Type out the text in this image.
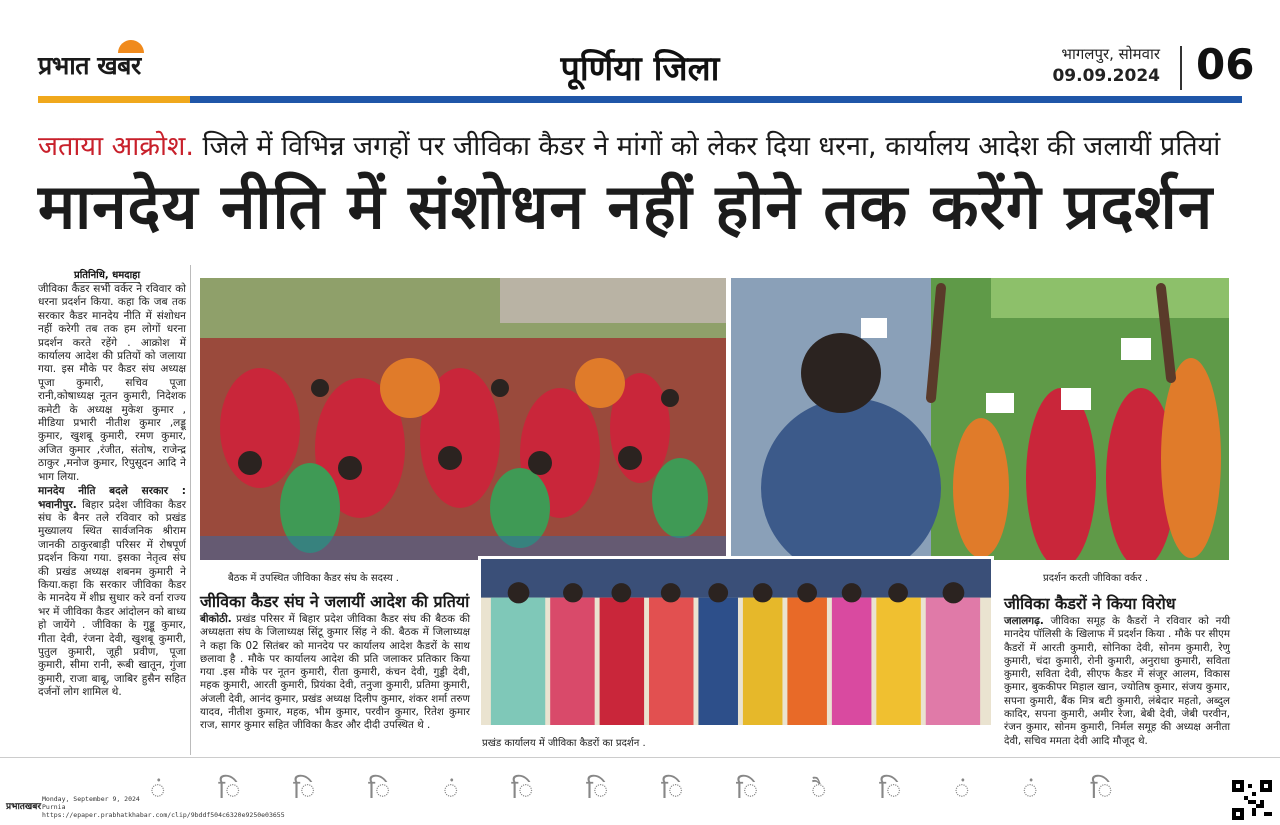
प्रभात खबर	पूर्णिया जिला	भागलपुर, सोमवार
09.09.2024 06
जताया आक्रोश. जिले में विभिन्न जगहों पर जीविका कैडर ने मांगों को लेकर दिया धरना, कार्यालय आदेश की जलायीं प्रतियां
मानदेय नीति में संशोधन नहीं होने तक करेंगे प्रदर्शन
प्रतिनिधि, धमदाहा

जीविका कैडर सभी वर्कर ने रविवार को धरना प्रदर्शन किया. कहा कि जब तक सरकार कैडर मानदेय नीति में संशोधन नहीं करेगी तब तक हम लोगों धरना प्रदर्शन करते रहेंगे . आक्रोश में कार्यालय आदेश की प्रतियों को जलाया गया. इस मौके पर कैडर संघ अध्यक्ष पूजा कुमारी, सचिव पूजा रानी,कोषाध्यक्ष नूतन कुमारी, निदेशक कमेटी के अध्यक्ष मुकेश कुमार , मीडिया प्रभारी नीतीश कुमार ,लड्डू कुमार, खुशबू कुमारी, रमण कुमार, अजित कुमार ,रंजीत, संतोष, राजेन्द्र ठाकुर ,मनोज कुमार, रिपुसूदन आदि ने भाग लिया.

मानदेय नीति बदले सरकार : भवानीपुर. बिहार प्रदेश जीविका कैडर संघ के बैनर तले रविवार को प्रखंड मुख्यालय स्थित सार्वजनिक श्रीराम जानकी ठाकुरबाड़ी परिसर में रोषपूर्ण प्रदर्शन किया गया. इसका नेतृत्व संघ की प्रखंड अध्यक्ष शबनम कुमारी ने किया.कहा कि सरकार जीविका कैडर के मानदेय में शीघ्र सुधार करे वर्ना राज्य भर में जीविका कैडर आंदोलन को बाध्य हो जायेंगे . जीविका के गुड्डू कुमार, गीता देवी, रंजना देवी, खुशबू कुमारी, पुतुल कुमारी, जूही प्रवीण, पूजा कुमारी, सीमा रानी, रूबी खातून, गुंजा कुमारी, राजा बाबू, जाबिर हुसैन सहित दर्जनों लोग शामिल थे.

बैठक में उपस्थित जीविका कैडर संघ के सदस्य .	प्रदर्शन करती जीविका वर्कर .
जीविका कैडर संघ ने जलायीं आदेश की प्रतियां
बीकोठी. प्रखंड परिसर में बिहार प्रदेश जीविका कैडर संघ की बैठक की अध्यक्षता संघ के जिलाध्यक्ष सिंटू कुमार सिंह ने की. बैठक में जिलाध्यक्ष ने कहा कि 02 सितंबर को मानदेय पर कार्यालय आदेश कैडरों के साथ छलावा है . मौके पर कार्यालय आदेश की प्रति जलाकर प्रतिकार किया गया .इस मौके पर नूतन कुमारी, रीता कुमारी, कंचन देवी, गुड्डी देवी, महक कुमारी, आरती कुमारी, प्रियंका देवी, तनुजा कुमारी, प्रतिमा कुमारी, अंजली देवी, आनंद कुमार, प्रखंड अध्यक्ष दिलीप कुमार, शंकर शर्मा तरुण यादव, नीतीश कुमार, महक, भीम कुमार, परवीन कुमार, रितेश कुमार राज, सागर कुमार सहित जीविका कैडर और दीदी उपस्थित थे .
प्रखंड कार्यालय में जीविका कैडरों का प्रदर्शन .
जीविका कैडरों ने किया विरोध
जलालगढ़. जीविका समूह के कैडरों ने रविवार को नयी मानदेय पॉलिसी के खिलाफ में प्रदर्शन किया . मौके पर सीएम कैडरों में आरती कुमारी, सोनिका देवी, सोनम कुमारी, रेणु कुमारी, चंदा कुमारी, रोनी कुमारी, अनुराधा कुमारी, सविता कुमारी, सविता देवी, सीएफ कैडर में संजूर आलम, विकास कुमार, बुककीपर मिहाल खान, ज्योतिष कुमार, संजय कुमार, सपना कुमारी, बैंक मित्र बटी कुमारी, लंबेदार महतो, अब्दुल कादिर, सपना कुमारी, अमीर रेजा, बेबी देवी, जेबी परवीन, रंजन कुमार, सोनम कुमारी, निर्मल समूह की अध्यक्ष अनीता देवी, सचिव ममता देवी आदि मौजूद थे.
ं ि ि ि ं ि ि ि ि ै ि ं ं ि
प्रभातखबर
Monday, September 9, 2024
Purnia
https://epaper.prabhatkhabar.com/clip/9bddf504c6320e9250e03655
